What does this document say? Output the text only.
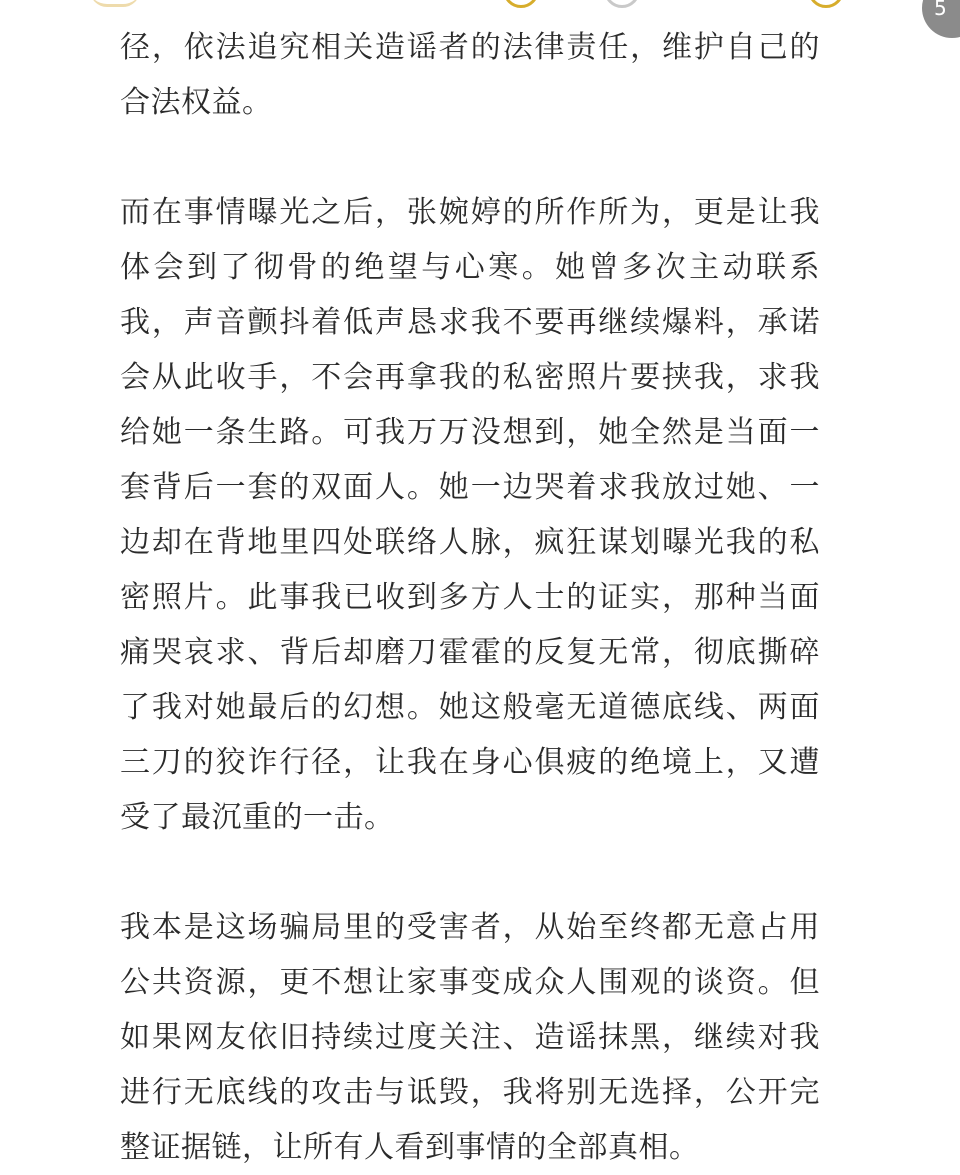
5

径，依法追究相关造谣者的法律责任，维护自己的合法权益。

而在事情曝光之后，张婉婷的所作所为，更是让我体会到了彻骨的绝望与心寒。她曾多次主动联系我，声音颤抖着低声恳求我不要再继续爆料，承诺会从此收手，不会再拿我的私密照片要挟我，求我给她一条生路。可我万万没想到，她全然是当面一套背后一套的双面人。她一边哭着求我放过她、一边却在背地里四处联络人脉，疯狂谋划曝光我的私密照片。此事我已收到多方人士的证实，那种当面痛哭哀求、背后却磨刀霍霍的反复无常，彻底撕碎了我对她最后的幻想。她这般毫无道德底线、两面三刀的狡诈行径，让我在身心俱疲的绝境上，又遭受了最沉重的一击。

我本是这场骗局里的受害者，从始至终都无意占用公共资源，更不想让家事变成众人围观的谈资。但如果网友依旧持续过度关注、造谣抹黑，继续对我进行无底线的攻击与诋毁，我将别无选择，公开完整证据链，让所有人看到事情的全部真相。
